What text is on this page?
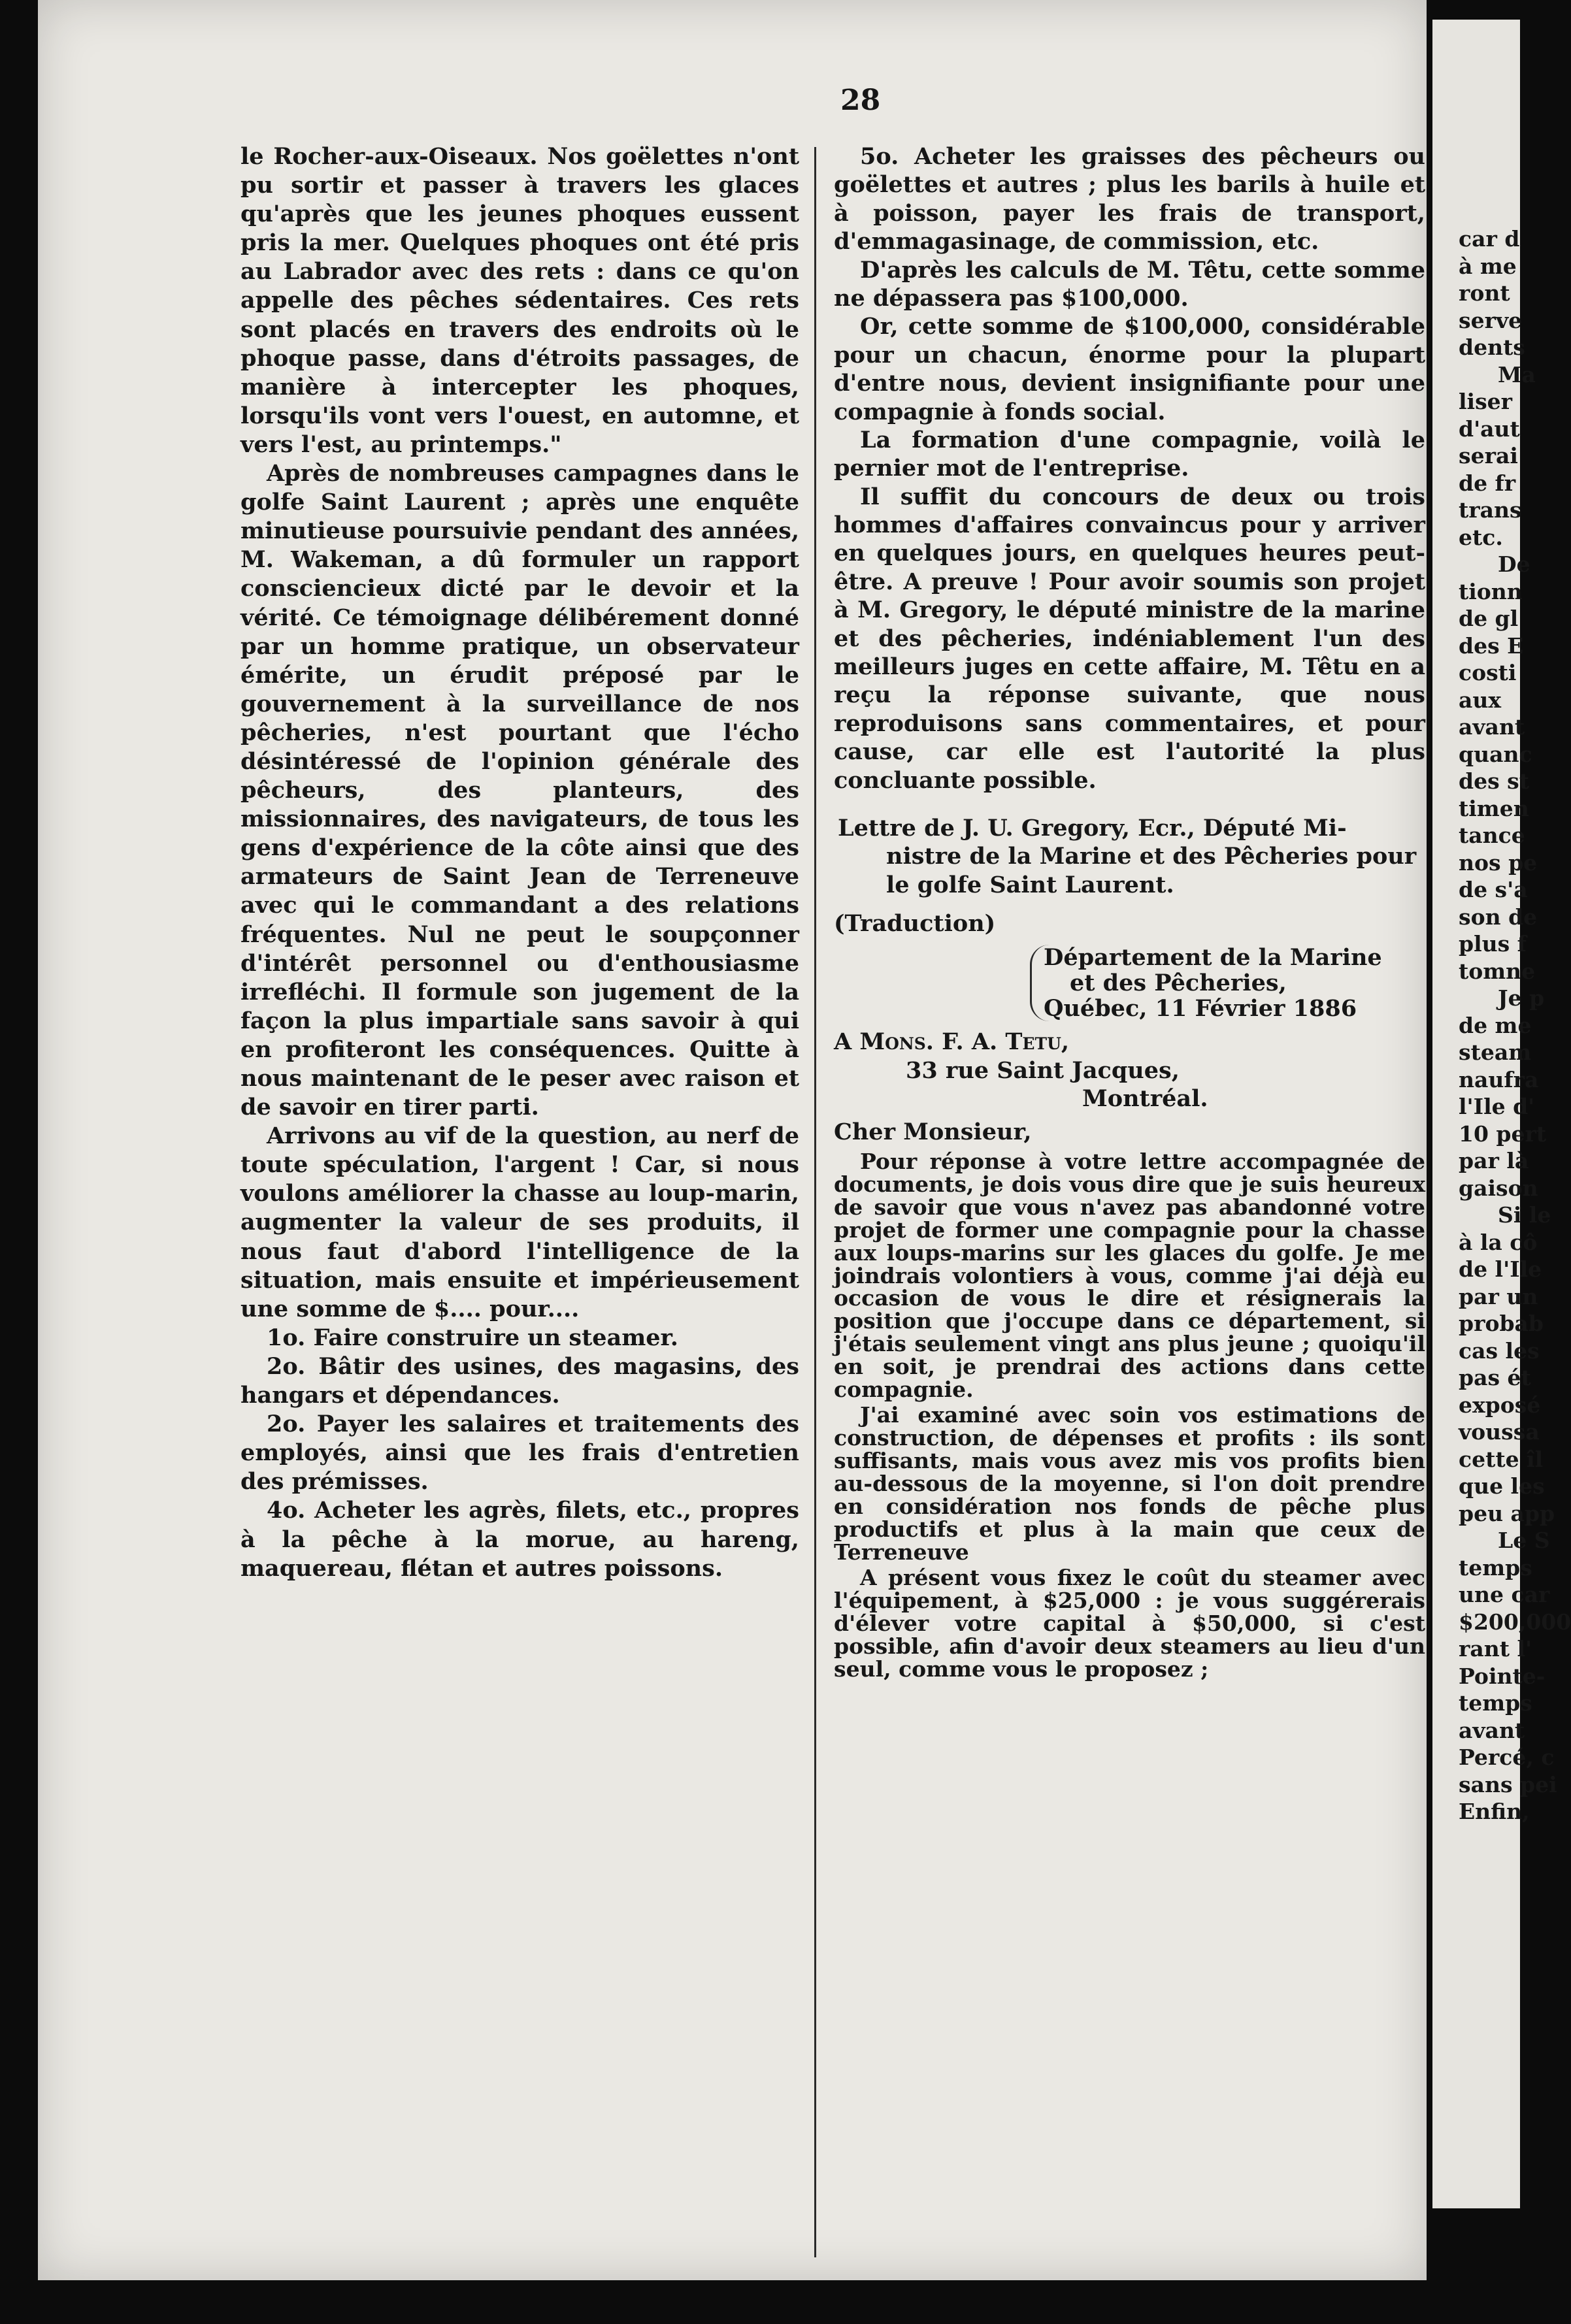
28

le Rocher-aux-Oiseaux. Nos goëlettes n'ont pu sortir et passer à travers les glaces qu'après que les jeunes phoques eussent pris la mer. Quelques phoques ont été pris au Labrador avec des rets : dans ce qu'on appelle des pêches sédentaires. Ces rets sont placés en travers des endroits où le phoque passe, dans d'étroits passages, de manière à intercepter les phoques, lorsqu'ils vont vers l'ouest, en automne, et vers l'est, au printemps."

Après de nombreuses campagnes dans le golfe Saint Laurent ; après une enquête minutieuse poursuivie pendant des années, M. Wakeman, a dû formuler un rapport consciencieux dicté par le devoir et la vérité. Ce témoignage délibérement donné par un homme pratique, un observateur émérite, un érudit préposé par le gouvernement à la surveillance de nos pêcheries, n'est pourtant que l'écho désintéressé de l'opinion générale des pêcheurs, des planteurs, des missionnaires, des navigateurs, de tous les gens d'expérience de la côte ainsi que des armateurs de Saint Jean de Terreneuve avec qui le commandant a des relations fréquentes. Nul ne peut le soupçonner d'intérêt personnel ou d'enthousiasme irrefléchi. Il formule son jugement de la façon la plus impartiale sans savoir à qui en profiteront les conséquences. Quitte à nous maintenant de le peser avec raison et de savoir en tirer parti.

Arrivons au vif de la question, au nerf de toute spéculation, l'argent ! Car, si nous voulons améliorer la chasse au loup-marin, augmenter la valeur de ses produits, il nous faut d'abord l'intelligence de la situation, mais ensuite et impérieusement une somme de $.... pour....

1o. Faire construire un steamer.

2o. Bâtir des usines, des magasins, des hangars et dépendances.

2o. Payer les salaires et traitements des employés, ainsi que les frais d'entretien des prémisses.

4o. Acheter les agrès, filets, etc., propres à la pêche à la morue, au hareng, maquereau, flétan et autres poissons.

5o. Acheter les graisses des pêcheurs ou goëlettes et autres ; plus les barils à huile et à poisson, payer les frais de transport, d'emmagasinage, de commission, etc.

D'après les calculs de M. Têtu, cette somme ne dépassera pas $100,000.

Or, cette somme de $100,000, considérable pour un chacun, énorme pour la plupart d'entre nous, devient insignifiante pour une compagnie à fonds social.

La formation d'une compagnie, voilà le pernier mot de l'entreprise.

Il suffit du concours de deux ou trois hommes d'affaires convaincus pour y arriver en quelques jours, en quelques heures peut-être. A preuve ! Pour avoir soumis son projet à M. Gregory, le député ministre de la marine et des pêcheries, indéniablement l'un des meilleurs juges en cette affaire, M. Têtu en a reçu la réponse suivante, que nous reproduisons sans commentaires, et pour cause, car elle est l'autorité la plus concluante possible.

Lettre de J. U. Gregory, Ecr., Député Mi-

nistre de la Marine et des Pêcheries pour le golfe Saint Laurent.

(Traduction)

Département de la Marine
et des Pêcheries,
Québec, 11 Février 1886
A Mons. F. A. Tetu,
33 rue Saint Jacques,
Montréal.

Cher Monsieur,

Pour réponse à votre lettre accompagnée de documents, je dois vous dire que je suis heureux de savoir que vous n'avez pas abandonné votre projet de former une compagnie pour la chasse aux loups-marins sur les glaces du golfe. Je me joindrais volontiers à vous, comme j'ai déjà eu occasion de vous le dire et résignerais la position que j'occupe dans ce département, si j'étais seulement vingt ans plus jeune ; quoiqu'il en soit, je prendrai des actions dans cette compagnie.

J'ai examiné avec soin vos estimations de construction, de dépenses et profits : ils sont suffisants, mais vous avez mis vos profits bien au-dessous de la moyenne, si l'on doit prendre en considération nos fonds de pêche plus productifs et plus à la main que ceux de Terreneuve

A présent vous fixez le coût du steamer avec l'équipement, à $25,000 : je vous suggérerais d'élever votre capital à $50,000, si c'est possible, afin d'avoir deux steamers au lieu d'un seul, comme vous le proposez ;

car d
à me
ront
serve
dents
Ma
liser
d'aut
serai
de fr
trans
etc.
De
tionn
de gl
des E
costi
aux
avant
quanc
des st
timen
tance
nos pe
de s'a
son de
plus f
tomne
Je p
de me
steam
naufra
l'Ile d'
10 pert
par là
gaison
Si le
à la cô
de l'Ile
par un
probab
cas les
pas ét
exposé
voussa
cette îl
que les
peu app
Le S
temps
une car
$200,000
rant l'
Pointe-
temps
avant
Percé, c
sans pei
Enfin,
